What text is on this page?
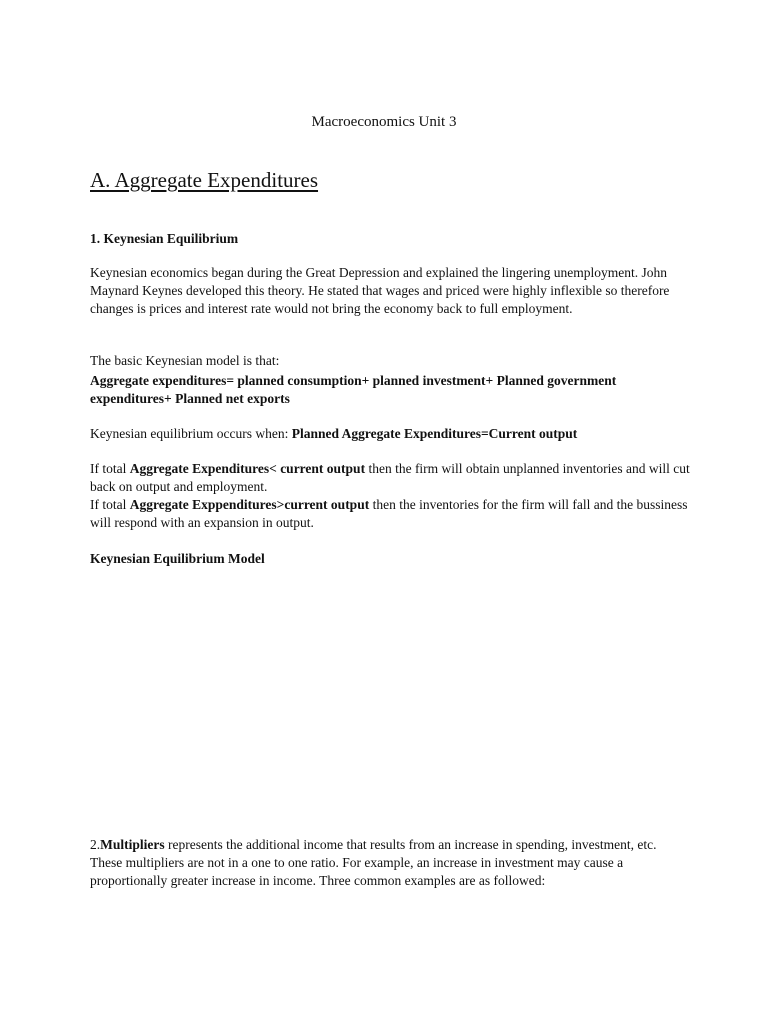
Macroeconomics Unit 3
A. Aggregate Expenditures

1. Keynesian Equilibrium

Keynesian economics began during the Great Depression and explained the lingering unemployment. John Maynard Keynes developed this theory. He stated that wages and priced were highly inflexible so therefore changes is prices and interest rate would not bring the economy back to full employment.

The basic Keynesian model is that:

Aggregate expenditures= planned consumption+ planned investment+ Planned government expenditures+ Planned net exports

Keynesian equilibrium occurs when: Planned Aggregate Expenditures=Current output

If total Aggregate Expenditures< current output then the firm will obtain unplanned inventories and will cut back on output and employment.

If total Aggregate Exppenditures>current output then the inventories for the firm will fall and the bussiness will respond with an expansion in output.

Keynesian Equilibrium Model

2.Multipliers represents the additional income that results from an increase in spending, investment, etc. These multipliers are not in a one to one ratio. For example, an increase in investment may cause a proportionally greater increase in income. Three common examples are as followed:
